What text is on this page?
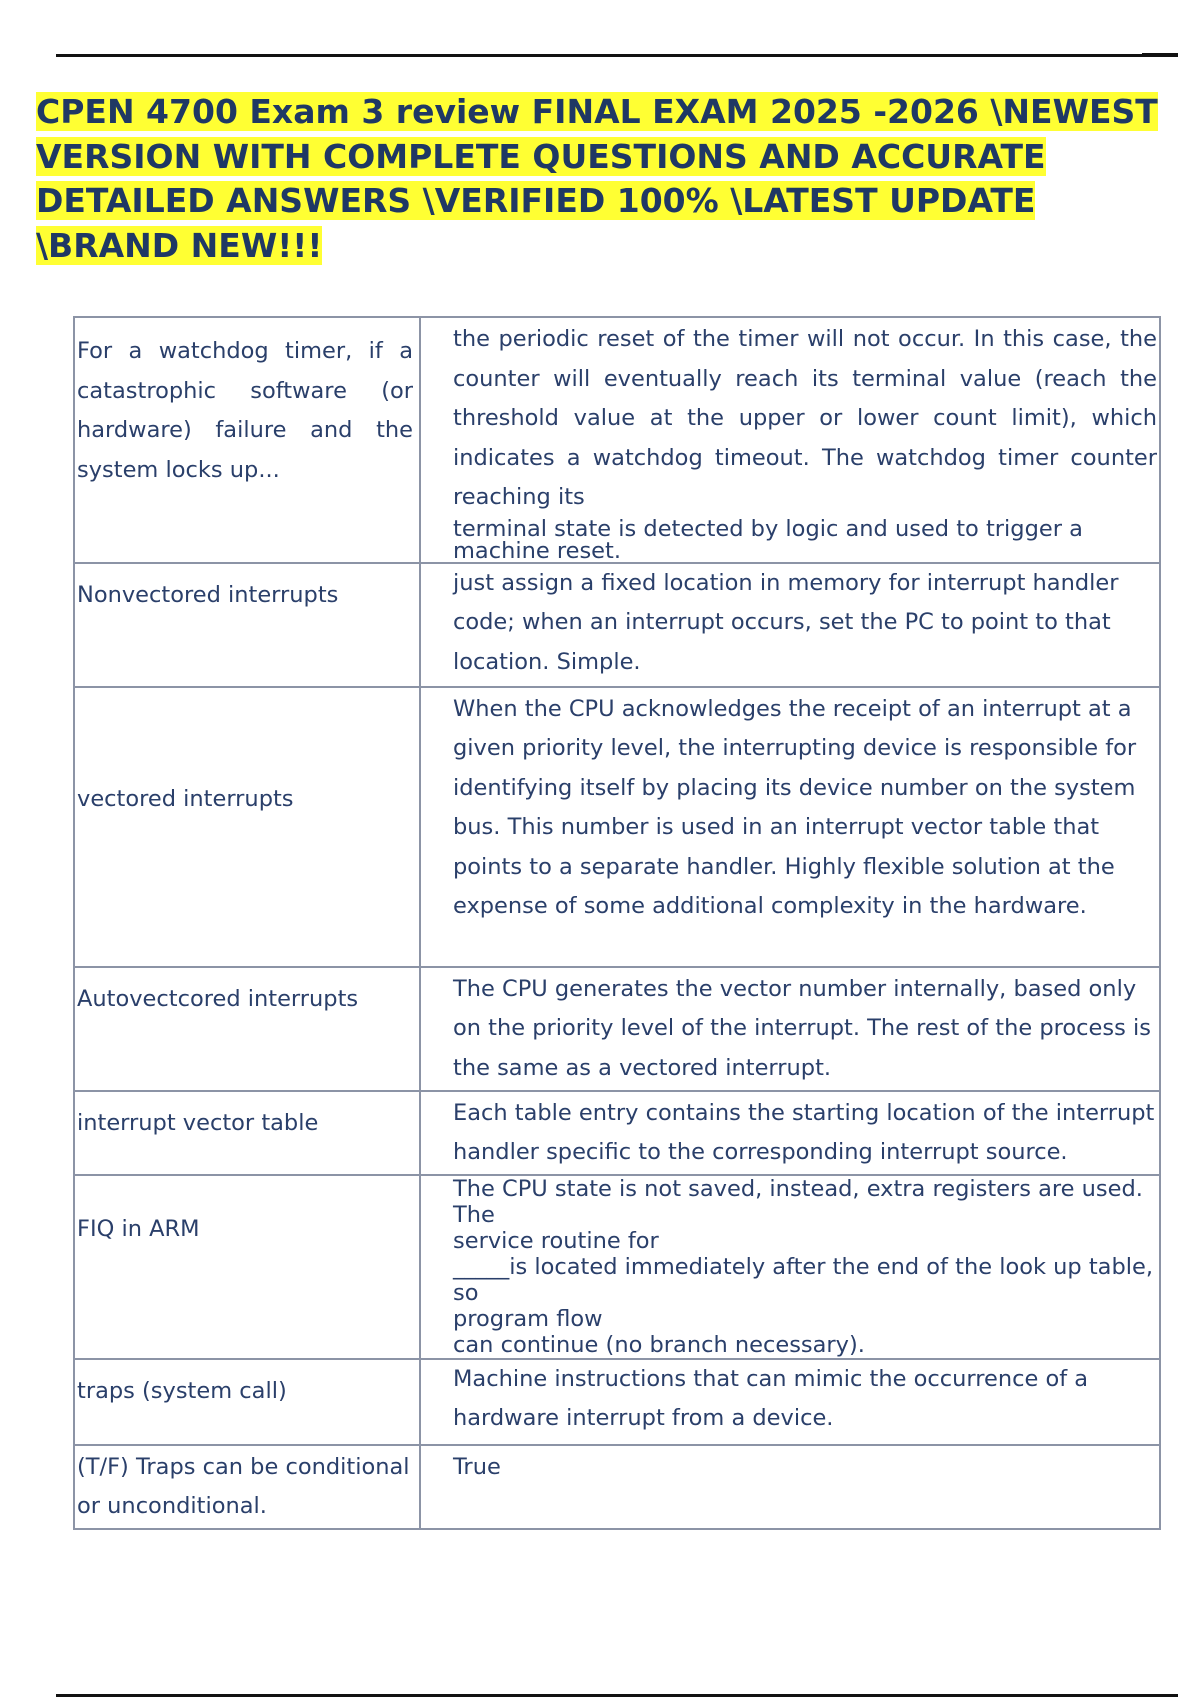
CPEN 4700 Exam 3 review FINAL EXAM 2025 -2026 \NEWEST VERSION WITH COMPLETE QUESTIONS AND ACCURATE DETAILED ANSWERS \VERIFIED 100% \LATEST UPDATE \BRAND NEW!!!
For a watchdog timer, if a catastrophic software (or hardware) failure and the system locks up...	the periodic reset of the timer will not occur. In this case, the counter will eventually reach its terminal value (reach the threshold value at the upper or lower count limit), which indicates a watchdog timeout. The watchdog timer counter reaching its
terminal state is detected by logic and used to trigger a machine reset.

Nonvectored interrupts	just assign a fixed location in memory for interrupt handler code; when an interrupt occurs, set the PC to point to that location. Simple.

vectored interrupts	When the CPU acknowledges the receipt of an interrupt at a given priority level, the interrupting device is responsible for identifying itself by placing its device number on the system bus. This number is used in an interrupt vector table that points to a separate handler. Highly flexible solution at the expense of some additional complexity in the hardware.

Autovectcored interrupts	The CPU generates the vector number internally, based only on the priority level of the interrupt. The rest of the process is the same as a vectored interrupt.

interrupt vector table	Each table entry contains the starting location of the interrupt handler specific to the corresponding interrupt source.

FIQ in ARM	The CPU state is not saved, instead, extra registers are used. The
service routine for
_____is located immediately after the end of the look up table, so
program flow
can continue (no branch necessary).

traps (system call)	Machine instructions that can mimic the occurrence of a hardware interrupt from a device.

(T/F) Traps can be conditional or unconditional.	True
